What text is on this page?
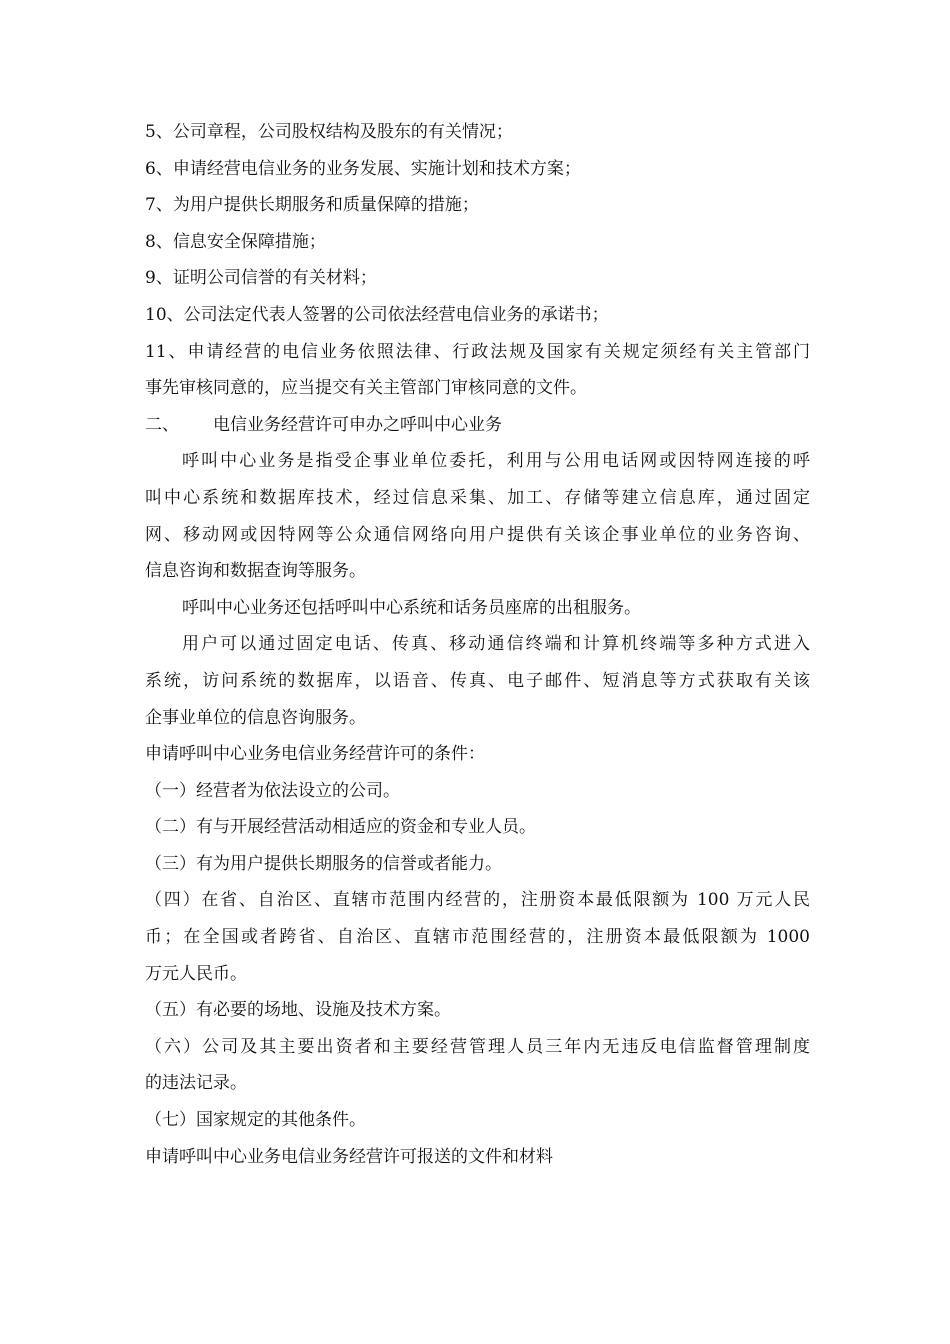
5、公司章程，公司股权结构及股东的有关情况；
6、申请经营电信业务的业务发展、实施计划和技术方案；
7、为用户提供长期服务和质量保障的措施；
8、信息安全保障措施；
9、证明公司信誉的有关材料；
10、公司法定代表人签署的公司依法经营电信业务的承诺书；
11、申请经营的电信业务依照法律、行政法规及国家有关规定须经有关主管部门
事先审核同意的，应当提交有关主管部门审核同意的文件。
二、 电信业务经营许可申办之呼叫中心业务
呼叫中心业务是指受企事业单位委托，利用与公用电话网或因特网连接的呼
叫中心系统和数据库技术，经过信息采集、加工、存储等建立信息库，通过固定
网、移动网或因特网等公众通信网络向用户提供有关该企事业单位的业务咨询、
信息咨询和数据查询等服务。
呼叫中心业务还包括呼叫中心系统和话务员座席的出租服务。
用户可以通过固定电话、传真、移动通信终端和计算机终端等多种方式进入
系统，访问系统的数据库，以语音、传真、电子邮件、短消息等方式获取有关该
企事业单位的信息咨询服务。
申请呼叫中心业务电信业务经营许可的条件：
（一）经营者为依法设立的公司。
（二）有与开展经营活动相适应的资金和专业人员。
（三）有为用户提供长期服务的信誉或者能力。
（四）在省、自治区、直辖市范围内经营的，注册资本最低限额为 100 万元人民
币；在全国或者跨省、自治区、直辖市范围经营的，注册资本最低限额为 1000
万元人民币。
（五）有必要的场地、设施及技术方案。
（六）公司及其主要出资者和主要经营管理人员三年内无违反电信监督管理制度
的违法记录。
（七）国家规定的其他条件。
申请呼叫中心业务电信业务经营许可报送的文件和材料
